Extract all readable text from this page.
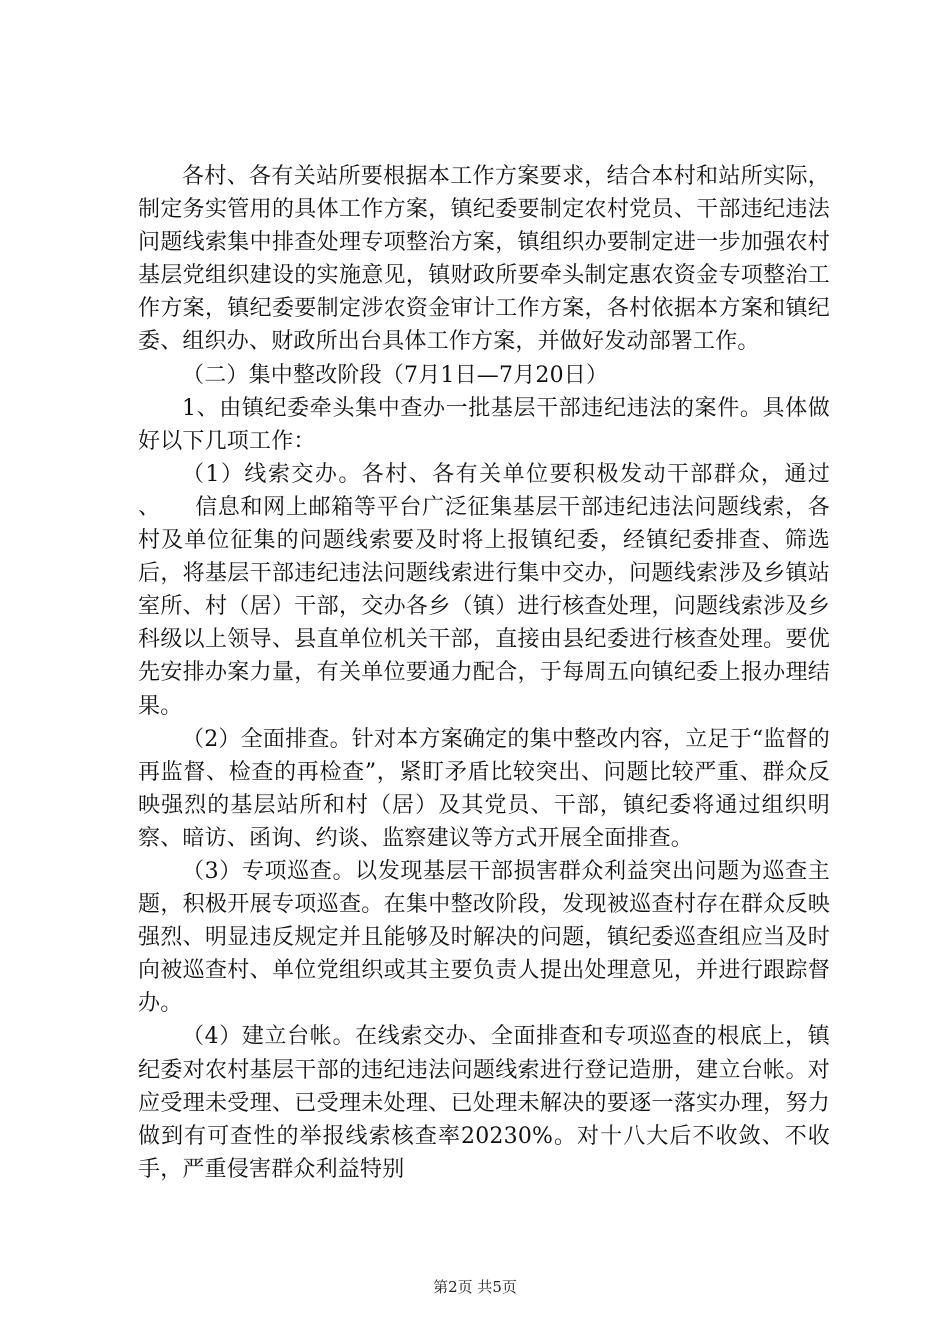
各村、各有关站所要根据本工作方案要求，结合本村和站所实际，制定务实管用的具体工作方案，镇纪委要制定农村党员、干部违纪违法问题线索集中排查处理专项整治方案，镇组织办要制定进一步加强农村基层党组织建设的实施意见，镇财政所要牵头制定惠农资金专项整治工作方案，镇纪委要制定涉农资金审计工作方案，各村依据本方案和镇纪委、组织办、财政所出台具体工作方案，并做好发动部署工作。

（二）集中整改阶段（7月1日—7月20日）

1、由镇纪委牵头集中查办一批基层干部违纪违法的案件。具体做好以下几项工作：

（1）线索交办。各村、各有关单位要积极发动干部群众，通过　　、　　信息和网上邮箱等平台广泛征集基层干部违纪违法问题线索，各村及单位征集的问题线索要及时将上报镇纪委，经镇纪委排查、筛选后，将基层干部违纪违法问题线索进行集中交办，问题线索涉及乡镇站室所、村（居）干部，交办各乡（镇）进行核查处理，问题线索涉及乡科级以上领导、县直单位机关干部，直接由县纪委进行核查处理。要优先安排办案力量，有关单位要通力配合，于每周五向镇纪委上报办理结果。

（2）全面排查。针对本方案确定的集中整改内容，立足于“监督的再监督、检查的再检查”，紧盯矛盾比较突出、问题比较严重、群众反映强烈的基层站所和村（居）及其党员、干部，镇纪委将通过组织明察、暗访、函询、约谈、监察建议等方式开展全面排查。

（3）专项巡查。以发现基层干部损害群众利益突出问题为巡查主题，积极开展专项巡查。在集中整改阶段，发现被巡查村存在群众反映强烈、明显违反规定并且能够及时解决的问题，镇纪委巡查组应当及时向被巡查村、单位党组织或其主要负责人提出处理意见，并进行跟踪督办。

（4）建立台帐。在线索交办、全面排查和专项巡查的根底上，镇纪委对农村基层干部的违纪违法问题线索进行登记造册，建立台帐。对应受理未受理、已受理未处理、已处理未解决的要逐一落实办理，努力做到有可查性的举报线索核查率20230%。对十八大后不收敛、不收手，严重侵害群众利益特别

第2页 共5页
